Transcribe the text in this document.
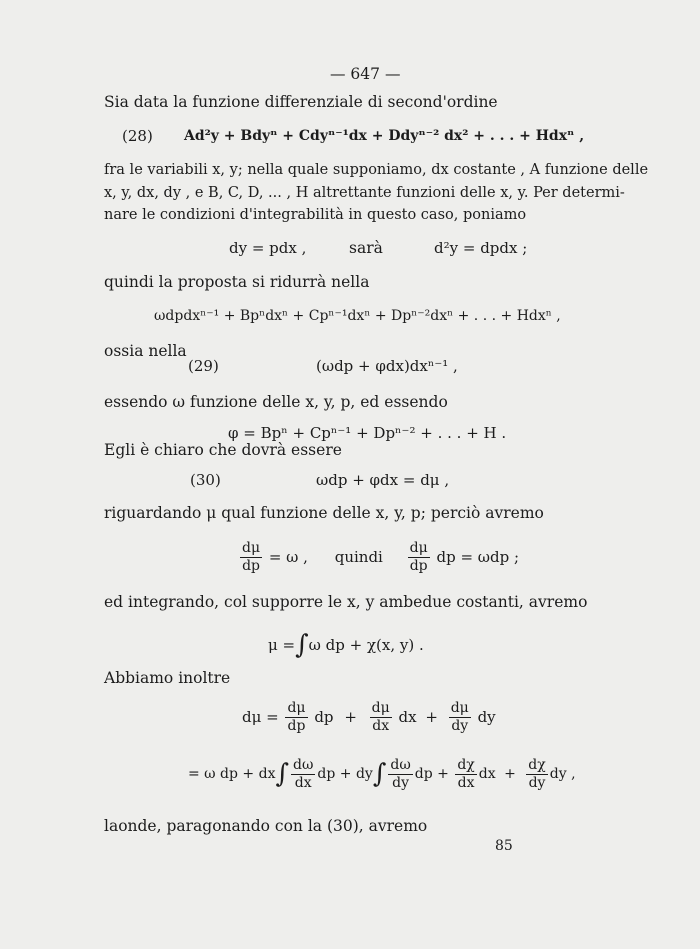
— 647 —
Sia data la funzione differenziale di second'ordine
(28) Ad²y + Bdyⁿ + Cdyⁿ⁻¹dx + Ddyⁿ⁻² dx² + . . . + Hdxⁿ ,
fra le variabili x, y; nella quale supponiamo, dx costante , A funzione delle
x, y, dx, dy , e B, C, D, ... , H altrettante funzioni delle x, y. Per determi-
nare le condizioni d'integrabilità in questo caso, poniamo
dy = pdx ,	sarà	d²y = dpdx ;
quindi la proposta si ridurrà nella
ωdpdxⁿ⁻¹ + Bpⁿdxⁿ + Cpⁿ⁻¹dxⁿ + Dpⁿ⁻²dxⁿ + . . . + Hdxⁿ ,
ossia nella
(29)	(ωdp + φdx)dxⁿ⁻¹ ,
essendo ω funzione delle x, y, p, ed essendo
φ = Bpⁿ + Cpⁿ⁻¹ + Dpⁿ⁻² + . . . + H .
Egli è chiaro che dovrà essere
(30)	ωdp + φdx = dμ ,
riguardando μ qual funzione delle x, y, p; perciò avremo
$\frac{d\mu}{dp} = \omega$ , quindi $\frac{d\mu}{dp}$ dp = ωdp ;
ed integrando, col supporre le x, y ambedue costanti, avremo
μ =∫ω dp + χ(x, y) .
Abbiamo inoltre
$d\mu = \frac{d\mu}{dp}$ dp + $\frac{d\mu}{dx}$ dx + $\frac{d\mu}{dy}$ dy
= ω dp + $dx\int \frac{d\omega}{dx}$ dp + $dy\int \frac{d\omega}{dy}$ dp + $\frac{d\chi}{dx}$ dx + $\frac{d\chi}{dy}$ dy ,
laonde, paragonando con la (30), avremo
85
